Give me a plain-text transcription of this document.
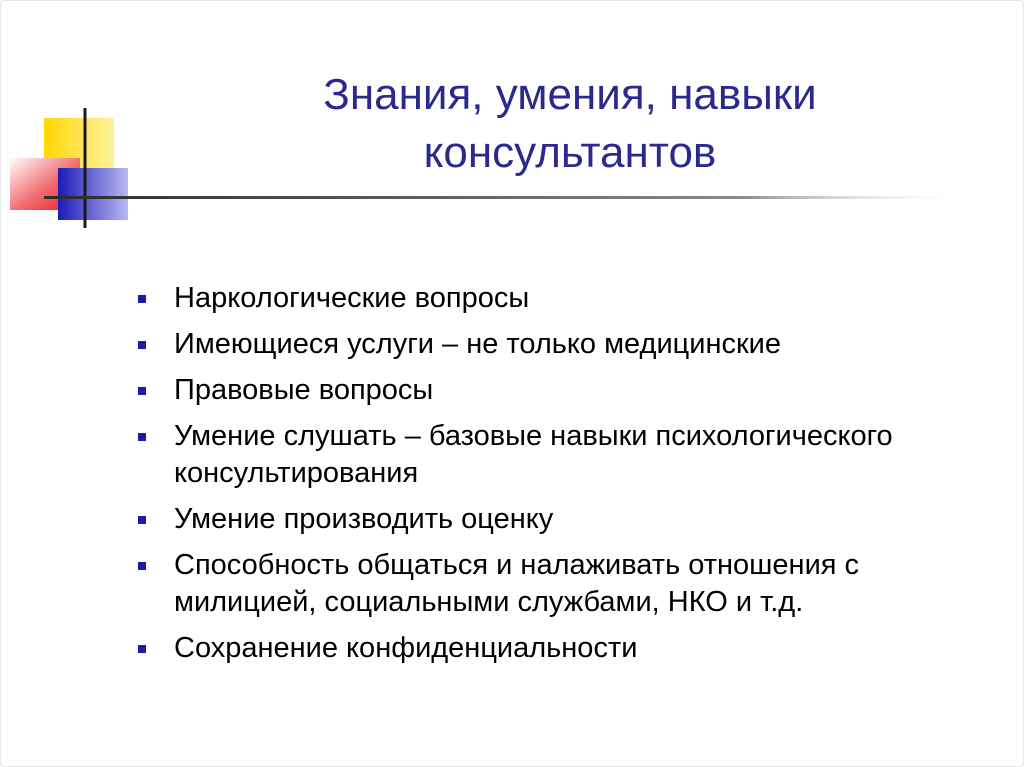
Знания, умения, навыки
консультантов
Наркологические вопросы
Имеющиеся услуги – не только медицинские
Правовые вопросы
Умение слушать – базовые навыки психологического консультирования
Умение производить оценку
Способность общаться и налаживать отношения с милицией, социальными службами, НКО и т.д.
Сохранение конфиденциальности
